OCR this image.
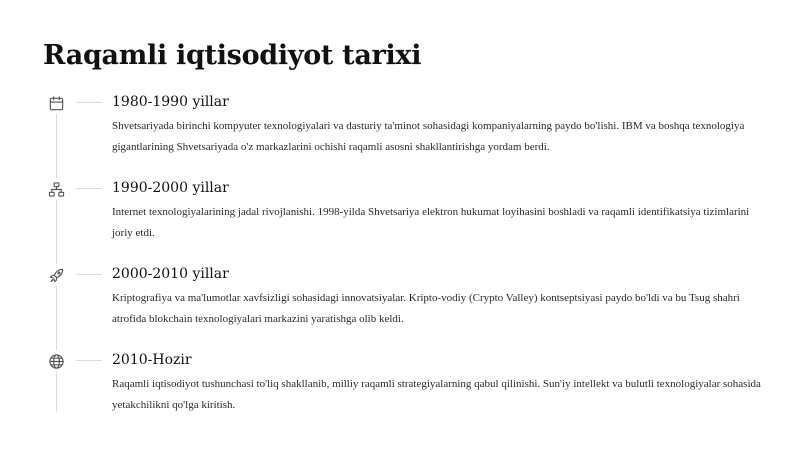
Raqamli iqtisodiyot tarixi
1980-1990 yillar

Shvetsariyada birinchi kompyuter texnologiyalari va dasturiy ta'minot sohasidagi kompaniyalarning paydo bo'lishi. IBM va boshqa texnologiya gigantlarining Shvetsariyada o'z markazlarini ochishi raqamli asosni shakllantirishga yordam berdi.

1990-2000 yillar

Internet texnologiyalarining jadal rivojlanishi. 1998-yilda Shvetsariya elektron hukumat loyihasini boshladi va raqamli identifikatsiya tizimlarini joriy etdi.

2000-2010 yillar

Kriptografiya va ma'lumotlar xavfsizligi sohasidagi innovatsiyalar. Kripto-vodiy (Crypto Valley) kontseptsiyasi paydo bo'ldi va bu Tsug shahri atrofida blokchain texnologiyalari markazini yaratishga olib keldi.

2010-Hozir

Raqamli iqtisodiyot tushunchasi to'liq shakllanib, milliy raqamli strategiyalarning qabul qilinishi. Sun'iy intellekt va bulutli texnologiyalar sohasida yetakchilikni qo'lga kiritish.
